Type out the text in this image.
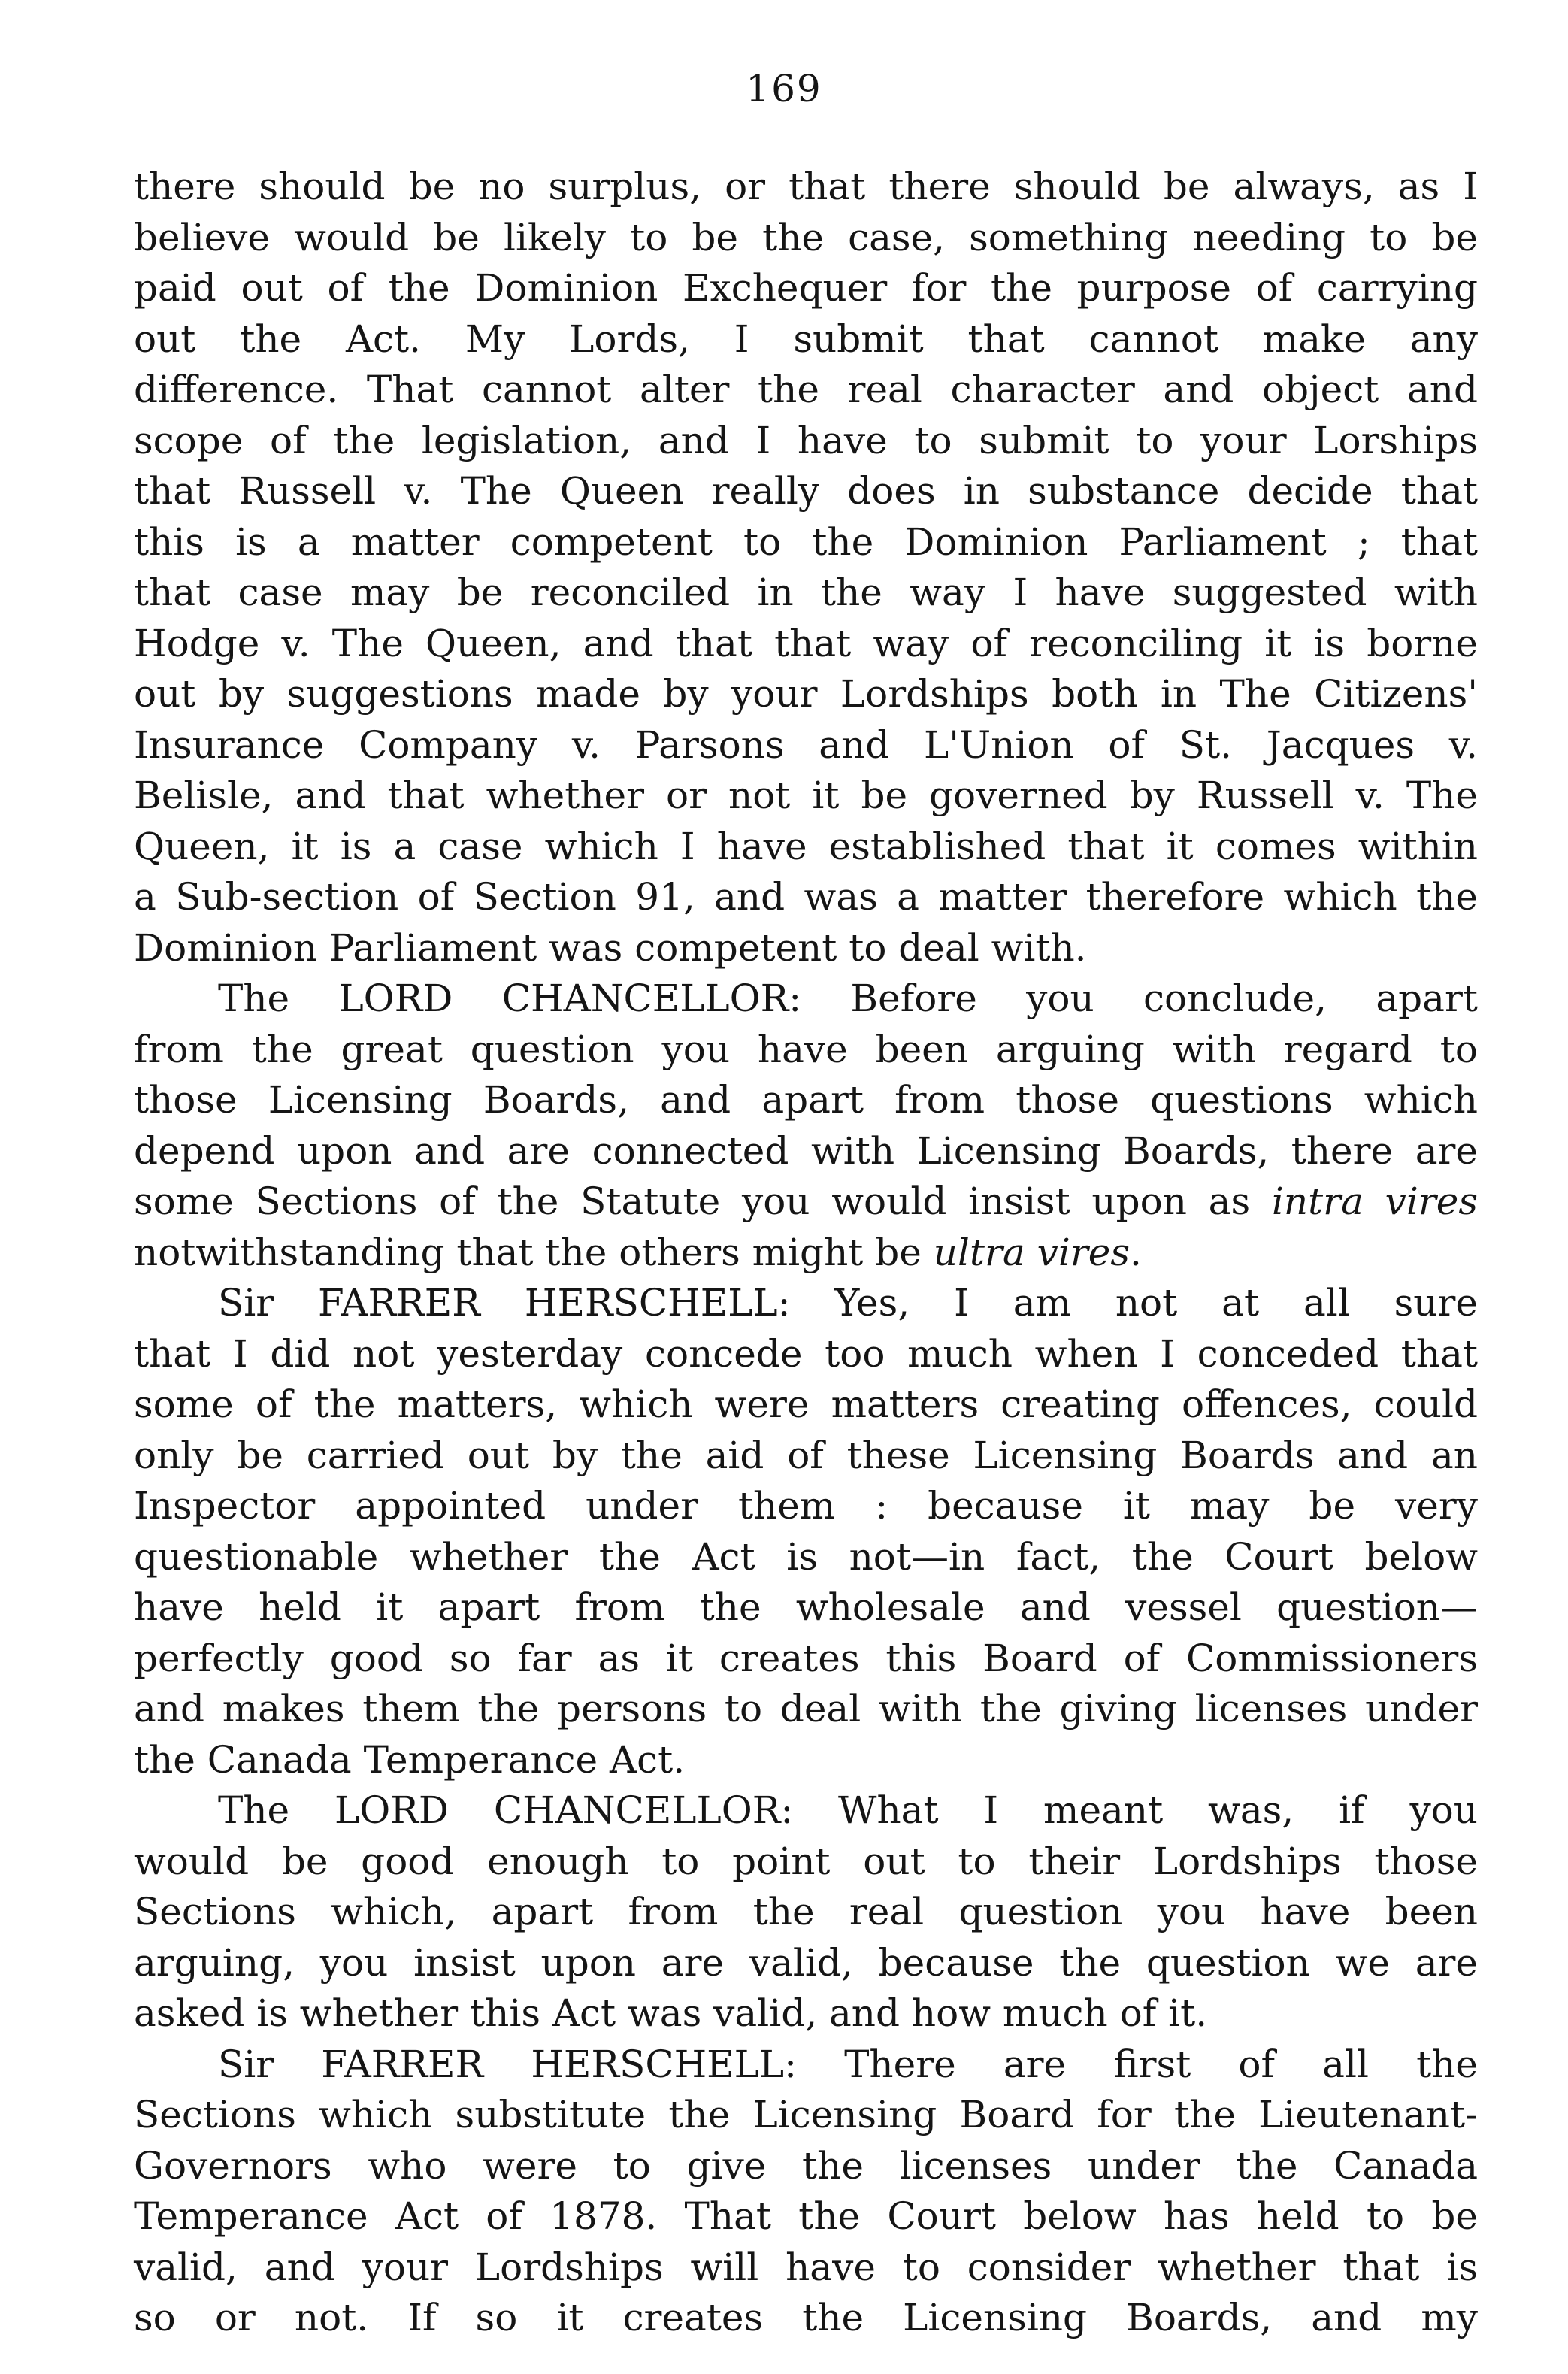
169
there should be no surplus, or that there should be always, as I
believe would be likely to be the case, something needing to be
paid out of the Dominion Exchequer for the purpose of carrying
out the Act. My Lords, I submit that cannot make any
difference. That cannot alter the real character and object and
scope of the legislation, and I have to submit to your Lorships
that Russell v. The Queen really does in substance decide that
this is a matter competent to the Dominion Parliament ; that
that case may be reconciled in the way I have suggested with
Hodge v. The Queen, and that that way of reconciling it is borne
out by suggestions made by your Lordships both in The Citizens'
Insurance Company v. Parsons and L'Union of St. Jacques v.
Belisle, and that whether or not it be governed by Russell v. The
Queen, it is a case which I have established that it comes within
a Sub-section of Section 91, and was a matter therefore which the
Dominion Parliament was competent to deal with.
The LORD CHANCELLOR: Before you conclude, apart
from the great question you have been arguing with regard to
those Licensing Boards, and apart from those questions which
depend upon and are connected with Licensing Boards, there are
some Sections of the Statute you would insist upon as intra vires
notwithstanding that the others might be ultra vires.
Sir FARRER HERSCHELL: Yes, I am not at all sure
that I did not yesterday concede too much when I conceded that
some of the matters, which were matters creating offences, could
only be carried out by the aid of these Licensing Boards and an
Inspector appointed under them : because it may be very
questionable whether the Act is not—in fact, the Court below
have held it apart from the wholesale and vessel question—
perfectly good so far as it creates this Board of Commissioners
and makes them the persons to deal with the giving licenses under
the Canada Temperance Act.
The LORD CHANCELLOR: What I meant was, if you
would be good enough to point out to their Lordships those
Sections which, apart from the real question you have been
arguing, you insist upon are valid, because the question we are
asked is whether this Act was valid, and how much of it.
Sir FARRER HERSCHELL: There are first of all the
Sections which substitute the Licensing Board for the Lieutenant-
Governors who were to give the licenses under the Canada
Temperance Act of 1878. That the Court below has held to be
valid, and your Lordships will have to consider whether that is
so or not. If so it creates the Licensing Boards, and my
